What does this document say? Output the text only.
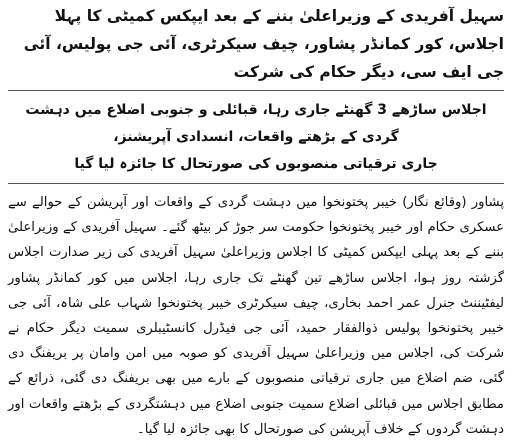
سہیل آفریدی کے وزیراعلیٰ بننے کے بعد ایپکس کمیٹی کا پہلا اجلاس، کور کمانڈر پشاور، چیف سیکرٹری، آئی جی پولیس، آئی جی ایف سی، دیگر حکام کی شرکت

اجلاس ساڑھے 3 گھنٹے جاری رہا، قبائلی و جنوبی اضلاع میں دہشت گردی کے بڑھتے واقعات، انسدادی آپریشنز،

جاری ترقیاتی منصوبوں کی صورتحال کا جائزہ لیا گیا

پشاور (وقائع نگار) خیبر پختونخوا میں دہشت گردی کے واقعات اور آپریشن کے حوالے سے عسکری حکام اور خیبر پختونخوا حکومت سر جوڑ کر بیٹھ گئے۔ سہیل آفریدی کے وزیراعلیٰ بننے کے بعد پہلی ایپکس کمیٹی کا اجلاس وزیراعلیٰ سہیل آفریدی کی زیر صدارت اجلاس گزشتہ روز ہوا، اجلاس ساڑھے تین گھنٹے تک جاری رہا، اجلاس میں کور کمانڈر پشاور لیفٹیننٹ جنرل عمر احمد بخاری، چیف سیکرٹری خیبر پختونخوا شہاب علی شاہ، آئی جی خیبر پختونخوا پولیس ذوالفقار حمید، آئی جی فیڈرل کانسٹیبلری سمیت دیگر حکام نے شرکت کی، اجلاس میں وزیراعلیٰ سہیل آفریدی کو صوبہ میں امن وامان پر بریفنگ دی گئی، ضم اضلاع میں جاری ترقیاتی منصوبوں کے بارے میں بھی بریفنگ دی گئی، ذرائع کے مطابق اجلاس میں قبائلی اضلاع سمیت جنوبی اضلاع میں دہشتگردی کے بڑھتے واقعات اور دہشت گردوں کے خلاف آپریشن کی صورتحال کا بھی جائزہ لیا گیا۔
